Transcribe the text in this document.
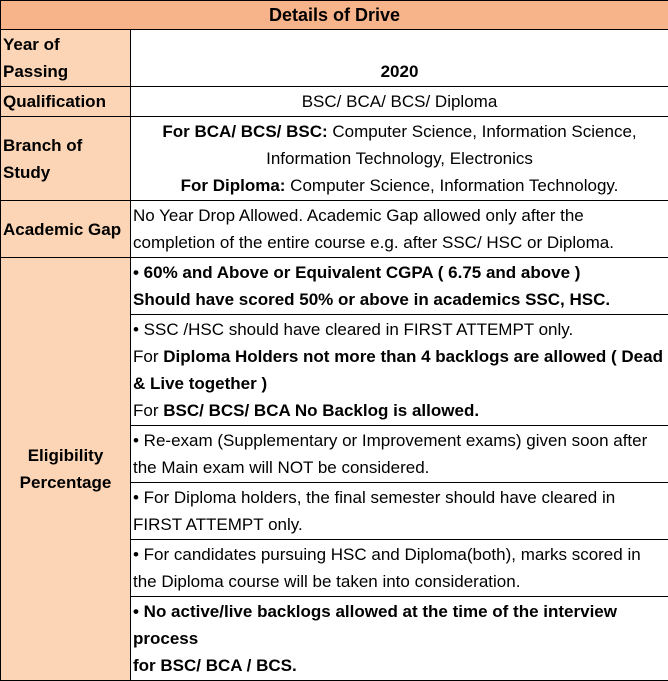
Details of Drive	
Year of Passing	2020
Qualification	BSC/ BCA/ BCS/ Diploma
Branch of Study	For BCA/ BCS/ BSC: Computer Science, Information Science, Information Technology, Electronics
For Diploma: Computer Science, Information Technology.

Academic Gap	No Year Drop Allowed. Academic Gap allowed only after the completion of the entire course e.g. after SSC/ HSC or Diploma.

Eligibility
Percentage	• 60% and Above or Equivalent CGPA ( 6.75 and above )
Should have scored 50% or above in academics SSC, HSC.

	• SSC /HSC should have cleared in FIRST ATTEMPT only.
For Diploma Holders not more than 4 backlogs are allowed ( Dead & Live together )
For BSC/ BCS/ BCA No Backlog is allowed.

	• Re-exam (Supplementary or Improvement exams) given soon after the Main exam will NOT be considered.
	• For Diploma holders, the final semester should have cleared in FIRST ATTEMPT only.
	• For candidates pursuing HSC and Diploma(both), marks scored in the Diploma course will be taken into consideration.

	• No active/live backlogs allowed at the time of the interview process
for BSC/ BCA / BCS.
